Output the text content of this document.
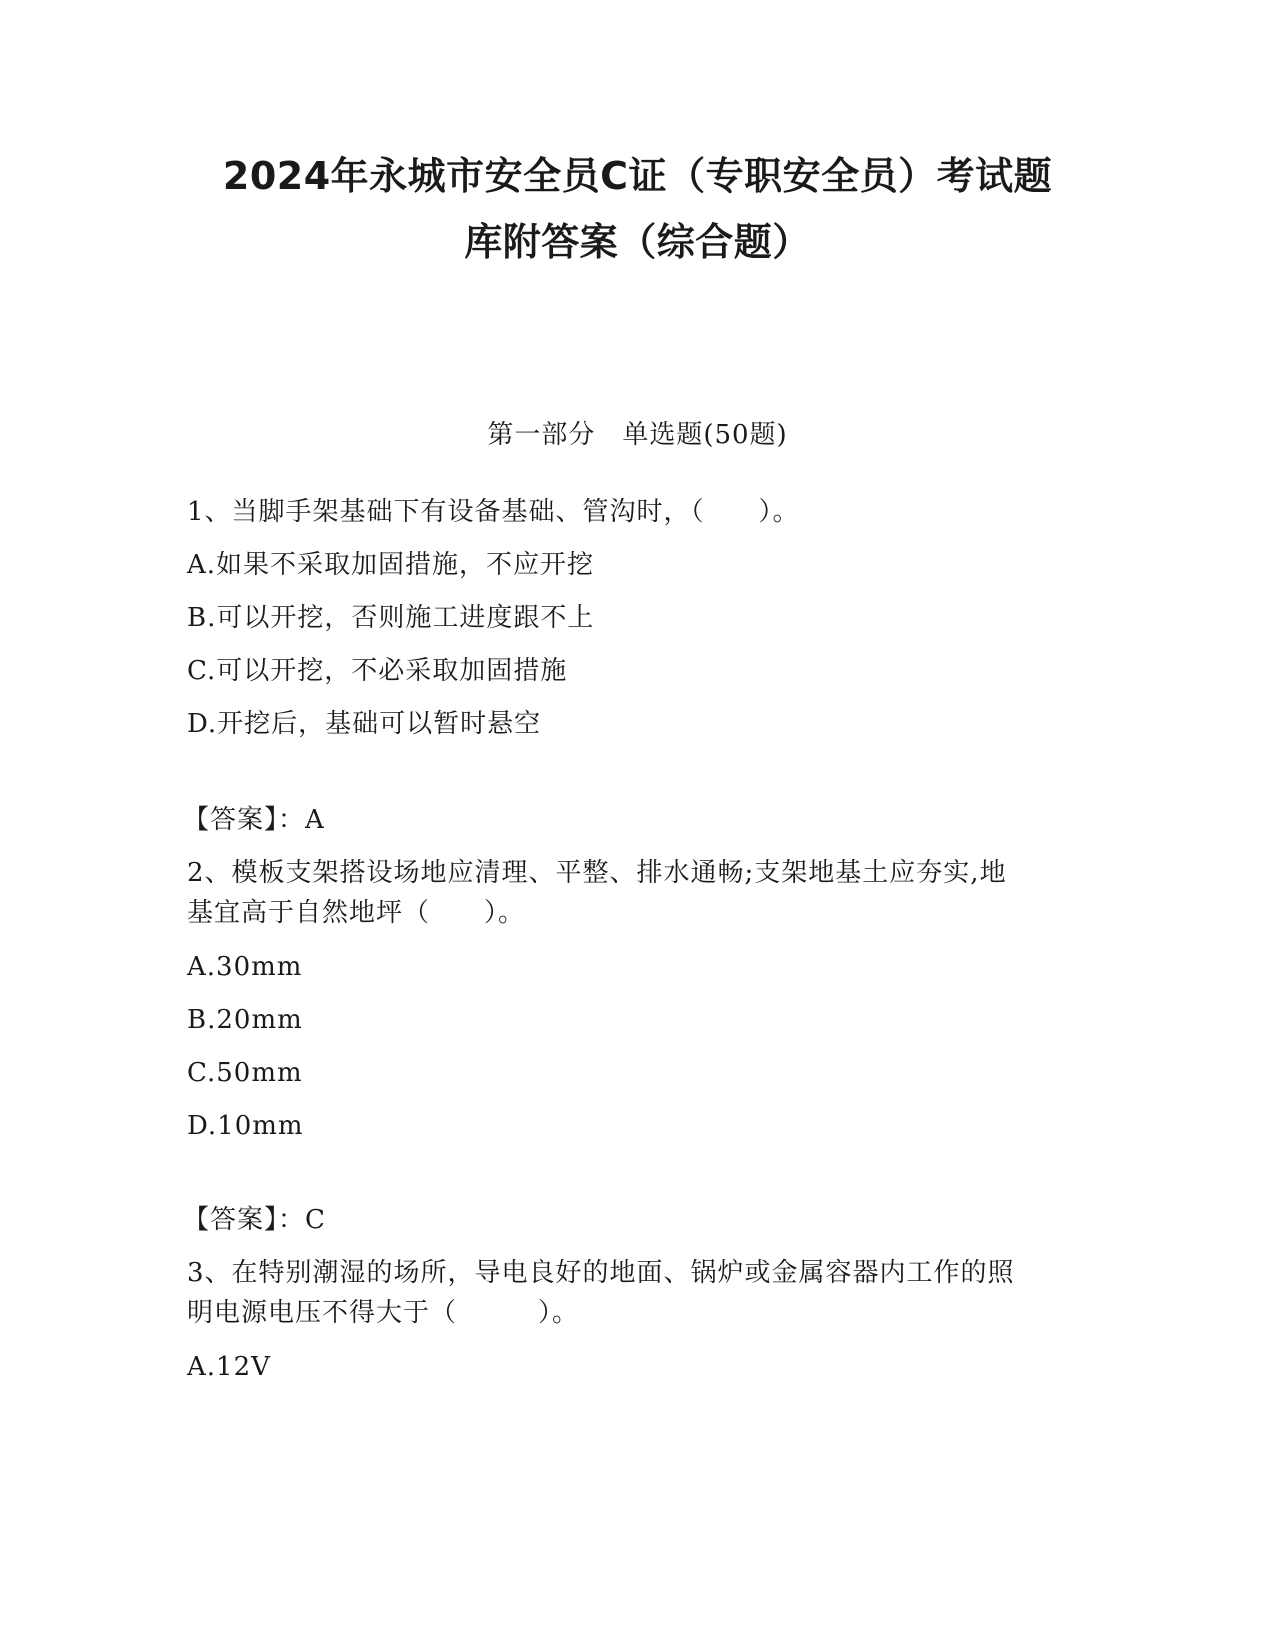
2024年永城市安全员C证（专职安全员）考试题
库附答案（综合题）
第一部分　单选题(50题)
1、当脚手架基础下有设备基础、管沟时，（　　）。
A.如果不采取加固措施，不应开挖
B.可以开挖，否则施工进度跟不上
C.可以开挖，不必采取加固措施
D.开挖后，基础可以暂时悬空
【答案】：A
2、模板支架搭设场地应清理、平整、排水通畅;支架地基土应夯实,地
基宜高于自然地坪（　　）。
A.30mm
B.20mm
C.50mm
D.10mm
【答案】：C
3、在特别潮湿的场所，导电良好的地面、锅炉或金属容器内工作的照
明电源电压不得大于（　　　）。
A.12V
